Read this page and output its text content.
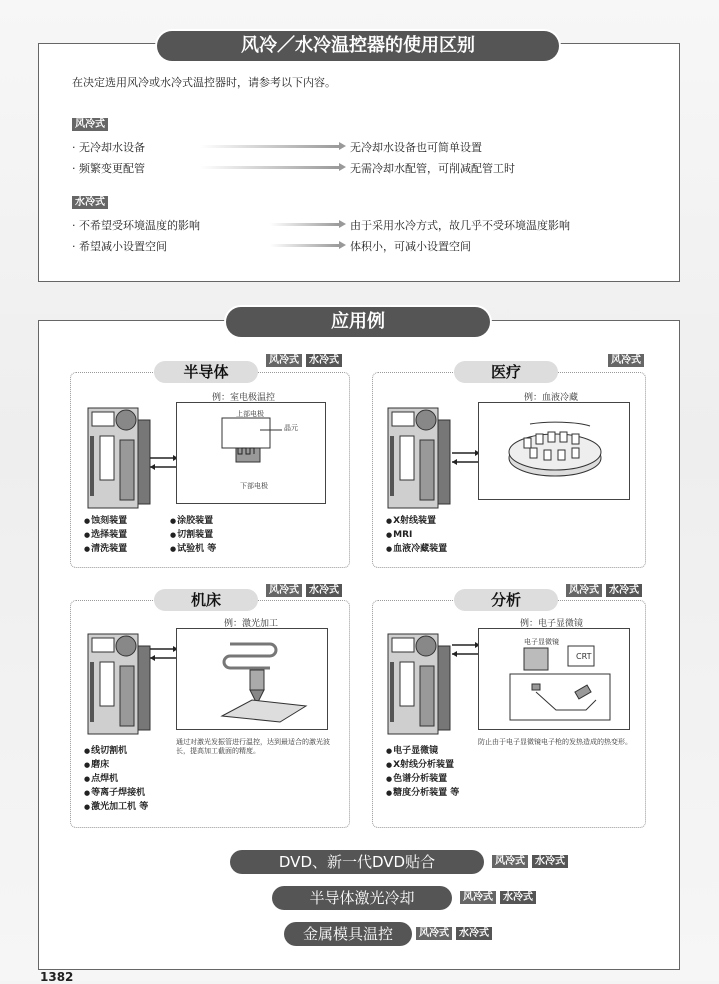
风冷／水冷温控器的使用区别
在决定选用风冷或水冷式温控器时，请参考以下内容。
风冷式
· 无冷却水设备	无冷却水设备也可简单设置
· 频繁变更配管	无需冷却水配管，可削减配管工时
水冷式
· 不希望受环境温度的影响	由于采用水冷方式，故几乎不受环境温度影响
· 希望减小设置空间	体积小，可减小设置空间
应用例
半导体
风冷式	水冷式
例：室电极温控
上部电极
晶元
下部电极
● 蚀刻装置
● 选择装置
● 清洗装置
● 涂胶装置
● 切割装置
● 试验机 等
医疗
风冷式
例：血液冷藏
● X射线装置
● MRI
● 血液冷藏装置
机床
风冷式	水冷式
例：激光加工
通过对激光发振管进行温控，达到最适合的激光波长，提高加工截面的精度。
● 线切割机
● 磨床
● 点焊机
● 等离子焊接机
● 激光加工机 等
分析
风冷式	水冷式
例：电子显微镜
电子显微镜
CRT
防止由于电子显微镜电子枪的发热造成的热变形。
● 电子显微镜
● X射线分析装置
● 色谱分析装置
● 糖度分析装置 等
DVD、新一代DVD贴合	风冷式	水冷式
半导体激光冷却	风冷式	水冷式
金属模具温控	风冷式	水冷式
1382
